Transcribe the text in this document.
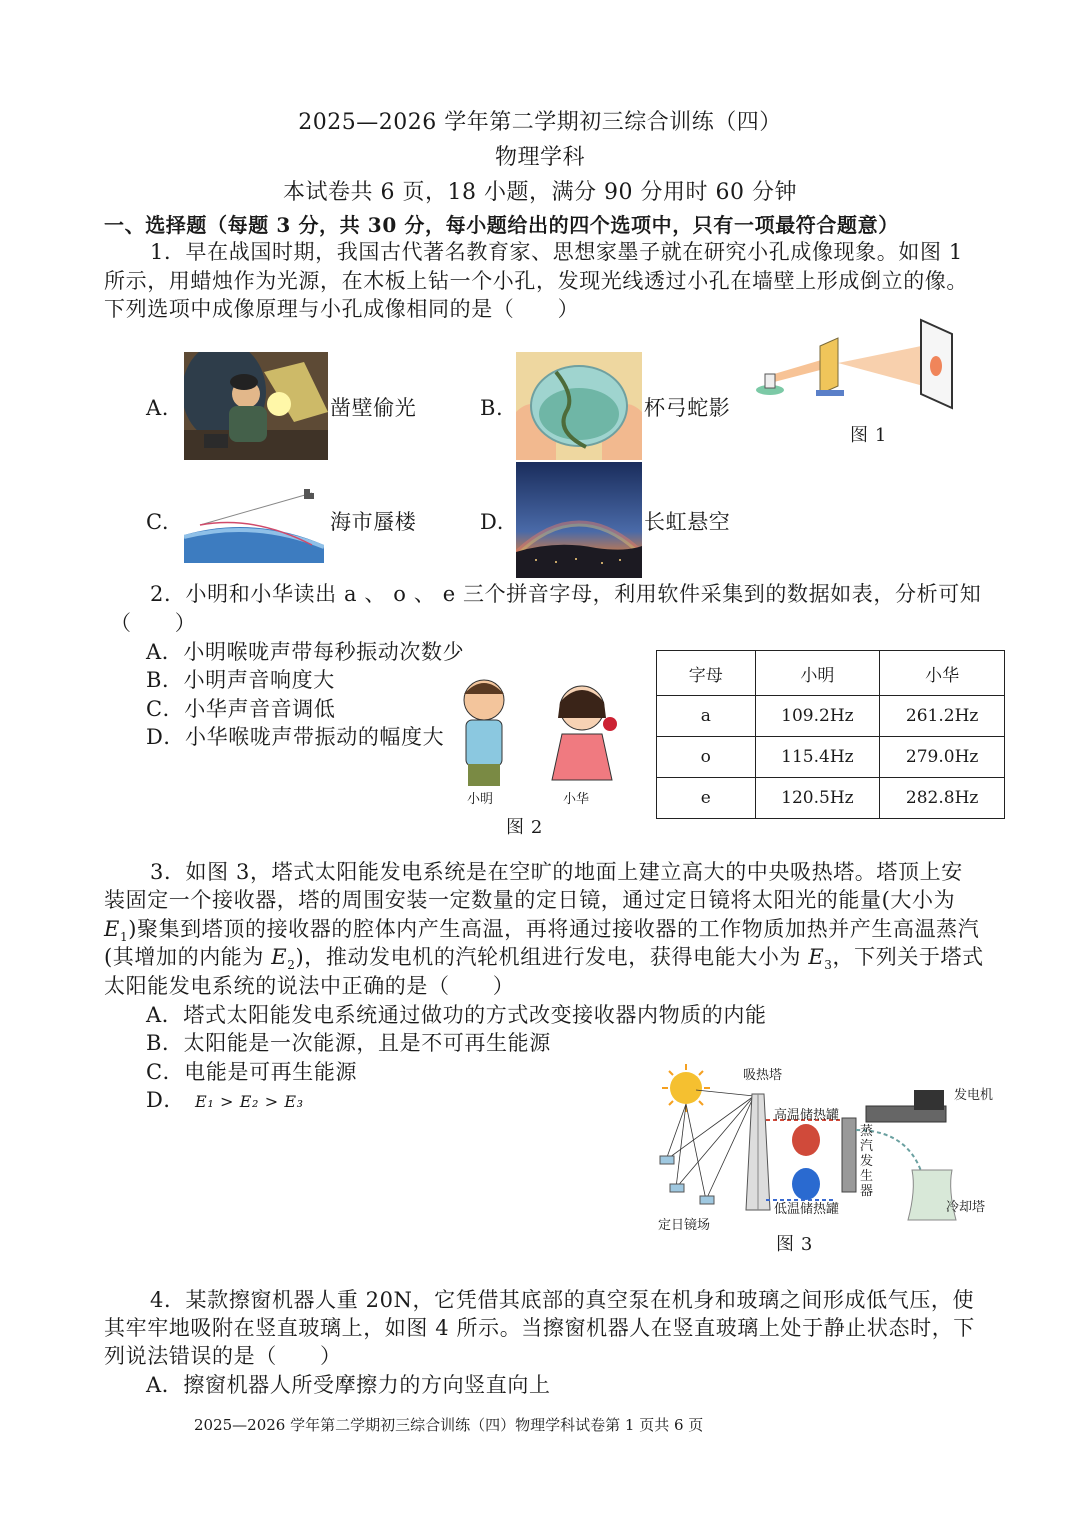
2025—2026 学年第二学期初三综合训练（四）
物理学科
本试卷共 6 页，18 小题，满分 90 分用时 60 分钟
一、选择题（每题 3 分，共 30 分，每小题给出的四个选项中，只有一项最符合题意）
1．早在战国时期，我国古代著名教育家、思想家墨子就在研究小孔成像现象。如图 1
所示，用蜡烛作为光源，在木板上钻一个小孔，发现光线透过小孔在墙壁上形成倒立的像。
下列选项中成像原理与小孔成像相同的是（　　）
A.	凿壁偷光	B.	杯弓蛇影
图 1
C.	海市蜃楼	D.	长虹悬空
2．小明和小华读出 a 、 o 、 e 三个拼音字母，利用软件采集到的数据如表，分析可知
（　　）
A．小明喉咙声带每秒振动次数少
B．小明声音响度大
C．小华声音音调低
D．小华喉咙声带振动的幅度大
小明	小华
图 2
字母	小明	小华
a	109.2Hz	261.2Hz
o	115.4Hz	279.0Hz
e	120.5Hz	282.8Hz
3．如图 3，塔式太阳能发电系统是在空旷的地面上建立高大的中央吸热塔。塔顶上安
装固定一个接收器，塔的周围安装一定数量的定日镜，通过定日镜将太阳光的能量(大小为
$E_1$)聚集到塔顶的接收器的腔体内产生高温，再将通过接收器的工作物质加热并产生高温蒸汽
(其增加的内能为 $E_2$)，推动发电机的汽轮机组进行发电，获得电能大小为 $E_3$，下列关于塔式
太阳能发电系统的说法中正确的是（　　）
A．塔式太阳能发电系统通过做功的方式改变接收器内物质的内能
B．太阳能是一次能源，且是不可再生能源
C．电能是可再生能源
D． E₁ > E₂ > E₃
吸热塔
高温储热罐
蒸汽发生器
发电机
低温储热罐	冷却塔
定日镜场
图 3
4．某款擦窗机器人重 20N，它凭借其底部的真空泵在机身和玻璃之间形成低气压，使
其牢牢地吸附在竖直玻璃上，如图 4 所示。当擦窗机器人在竖直玻璃上处于静止状态时，下
列说法错误的是（　　）
A．擦窗机器人所受摩擦力的方向竖直向上
2025—2026 学年第二学期初三综合训练（四）物理学科试卷第 1 页共 6 页
